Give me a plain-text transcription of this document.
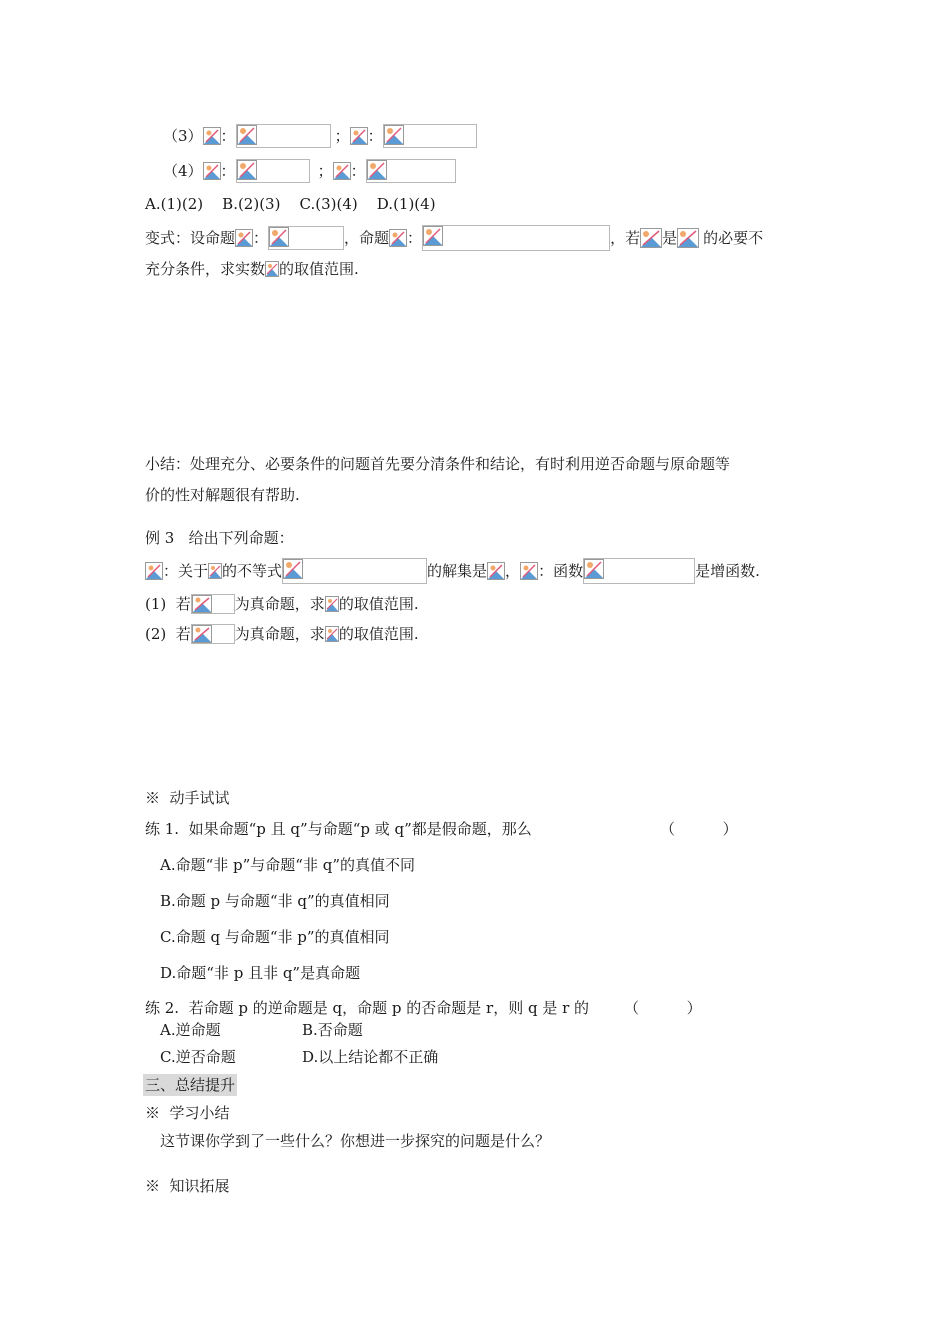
（3） ：	； ：
（4） ：	； ：
A.(1)(2)    B.(2)(3)    C.(3)(4)    D.(1)(4)
变式：设命题 ：	，命题 ：	，若 是 的必要不
充分条件，求实数 的取值范围.
小结：处理充分、必要条件的问题首先要分清条件和结论，有时利用逆否命题与原命题等
价的性对解题很有帮助.
例 3   给出下列命题：
：关于 的不等式	的解集是 ， ：函数	是增函数.
(1)  若	为真命题，求 的取值范围.
(2)  若	为真命题，求 的取值范围.
※  动手试试
练 1.  如果命题“p 且 q”与命题“p 或 q”都是假命题，那么	（          ）
A.命题“非 p”与命题“非 q”的真值不同
B.命题 p 与命题“非 q”的真值相同
C.命题 q 与命题“非 p”的真值相同
D.命题“非 p 且非 q”是真命题
练 2.  若命题 p 的逆命题是 q，命题 p 的否命题是 r，则 q 是 r 的 （          ）
A.逆命题	B.否命题
C.逆否命题	D.以上结论都不正确
三、总结提升
※  学习小结
这节课你学到了一些什么？你想进一步探究的问题是什么？
※  知识拓展
